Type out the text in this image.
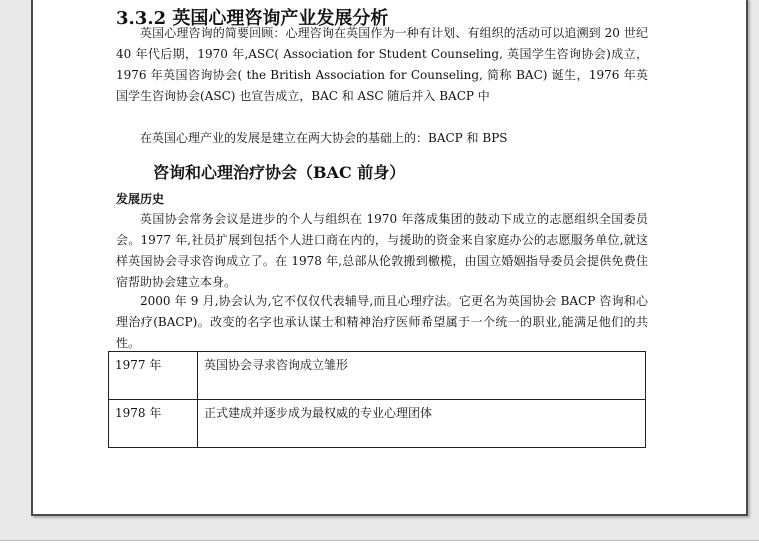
3.3.2 英国心理咨询产业发展分析

英国心理咨询的简要回顾：心理咨询在英国作为一种有计划、有组织的活动可以追溯到 20 世纪 40 年代后期，1970 年,ASC( Association for Student Counseling, 英国学生咨询协会)成立，1976 年英国咨询协会( the British Association for Counseling, 简称 BAC) 诞生，1976 年英国学生咨询协会(ASC) 也宣告成立，BAC 和 ASC 随后并入 BACP 中

在英国心理产业的发展是建立在两大协会的基础上的：BACP 和 BPS

咨询和心理治疗协会（BAC 前身）
发展历史

英国协会常务会议是进步的个人与组织在 1970 年落成集团的鼓动下成立的志愿组织全国委员会。1977 年,社员扩展到包括个人进口商在内的，与援助的资金来自家庭办公的志愿服务单位,就这样英国协会寻求咨询成立了。在 1978 年,总部从伦敦搬到檄榄，由国立婚姻指导委员会提供免费住宿帮助协会建立本身。

2000 年 9 月,协会认为,它不仅仅代表辅导,而且心理疗法。它更名为英国协会 BACP 咨询和心理治疗(BACP)。改变的名字也承认谋士和精神治疗医师希望属于一个统一的职业,能满足他们的共性。

1977 年	英国协会寻求咨询成立雏形
1978 年	正式建成并逐步成为最权威的专业心理团体
